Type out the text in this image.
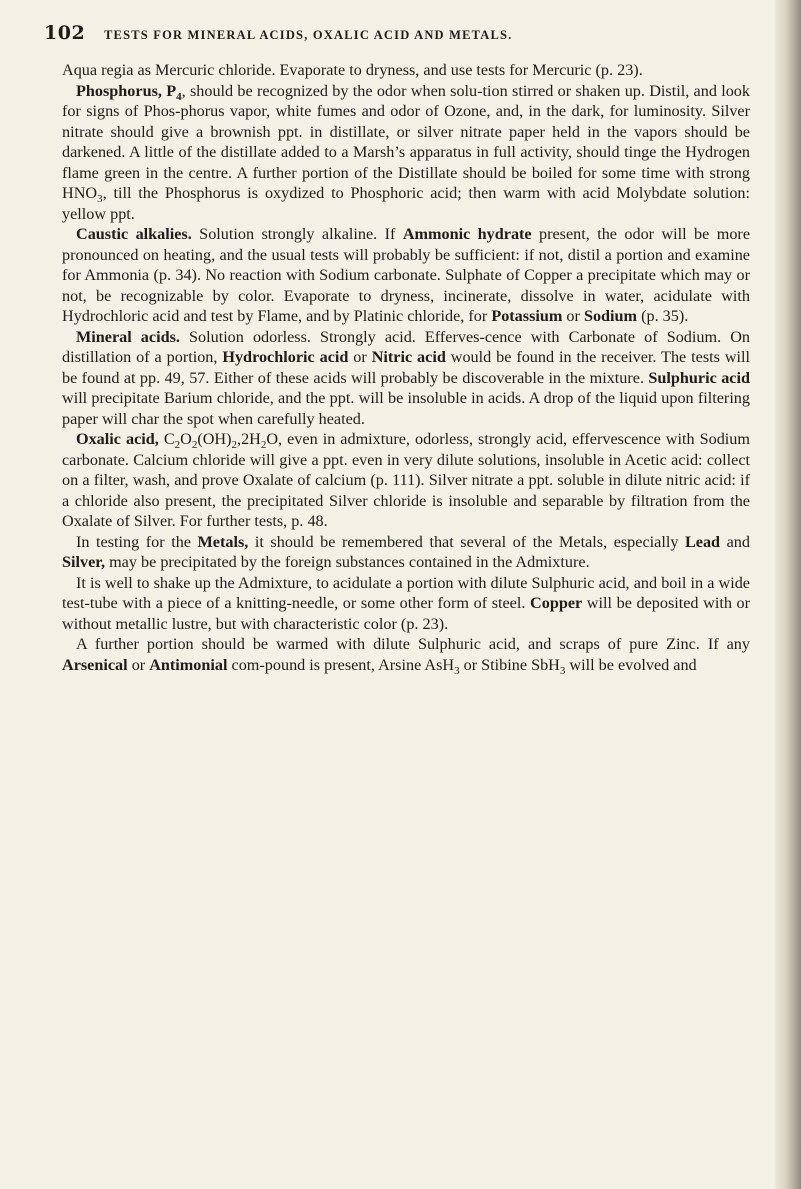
102 TESTS FOR MINERAL ACIDS, OXALIC ACID AND METALS.

Aqua regia as Mercuric chloride. Evaporate to dryness, and use tests for Mercuric (p. 23).

Phosphorus, $P_4$, should be recognized by the odor when solu-tion stirred or shaken up. Distil, and look for signs of Phos-phorus vapor, white fumes and odor of Ozone, and, in the dark, for luminosity. Silver nitrate should give a brownish ppt. in distillate, or silver nitrate paper held in the vapors should be darkened. A little of the distillate added to a Marsh’s apparatus in full activity, should tinge the Hydrogen flame green in the centre. A further portion of the Distillate should be boiled for some time with strong $HNO_3$, till the Phosphorus is oxydized to Phosphoric acid; then warm with acid Molybdate solution: yellow ppt.

Caustic alkalies. Solution strongly alkaline. If Ammonic hydrate present, the odor will be more pronounced on heating, and the usual tests will probably be sufficient: if not, distil a portion and examine for Ammonia (p. 34). No reaction with Sodium carbonate. Sulphate of Copper a precipitate which may or not, be recognizable by color. Evaporate to dryness, incinerate, dissolve in water, acidulate with Hydrochloric acid and test by Flame, and by Platinic chloride, for Potassium or Sodium (p. 35).

Mineral acids. Solution odorless. Strongly acid. Efferves-cence with Carbonate of Sodium. On distillation of a portion, Hydrochloric acid or Nitric acid would be found in the receiver. The tests will be found at pp. 49, 57. Either of these acids will probably be discoverable in the mixture. Sulphuric acid will precipitate Barium chloride, and the ppt. will be insoluble in acids. A drop of the liquid upon filtering paper will char the spot when carefully heated.

Oxalic acid, $C_2O_2(OH)_2,2H_2O$, even in admixture, odorless, strongly acid, effervescence with Sodium carbonate. Calcium chloride will give a ppt. even in very dilute solutions, insoluble in Acetic acid: collect on a filter, wash, and prove Oxalate of calcium (p. 111). Silver nitrate a ppt. soluble in dilute nitric acid: if a chloride also present, the precipitated Silver chloride is insoluble and separable by filtration from the Oxalate of Silver. For further tests, p. 48.

In testing for the Metals, it should be remembered that several of the Metals, especially Lead and Silver, may be precipitated by the foreign substances contained in the Admixture.

It is well to shake up the Admixture, to acidulate a portion with dilute Sulphuric acid, and boil in a wide test-tube with a piece of a knitting-needle, or some other form of steel. Copper will be deposited with or without metallic lustre, but with characteristic color (p. 23).

A further portion should be warmed with dilute Sulphuric acid, and scraps of pure Zinc. If any Arsenical or Antimonial com-pound is present, Arsine AsH$_3$ or Stibine SbH$_3$ will be evolved and
